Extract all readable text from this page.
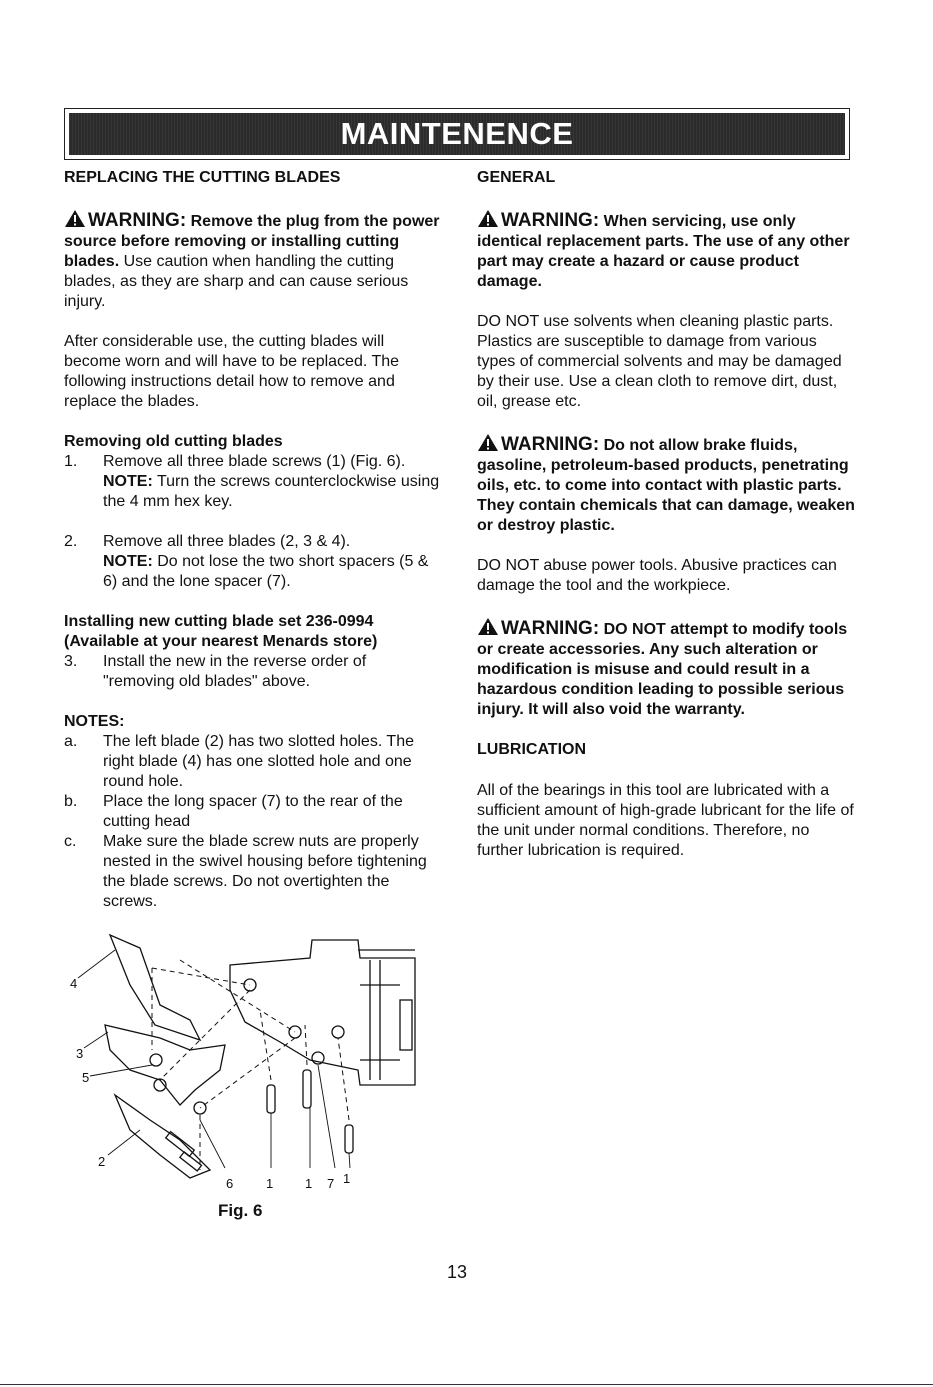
MAINTENENCE

REPLACING THE CUTTING BLADES

WARNING: Remove the plug from the power source before removing or installing cutting blades. Use caution when handling the cutting blades, as they are sharp and can cause serious injury.

After considerable use, the cutting blades will become worn and will have to be replaced. The following instructions detail how to remove and replace the blades.

Removing old cutting blades

1.	Remove all three blade screws (1) (Fig. 6).
NOTE: Turn the screws counterclockwise using the 4 mm hex key.
2.	Remove all three blades (2, 3 & 4).
NOTE: Do not lose the two short spacers (5 & 6) and the lone spacer (7).

Installing new cutting blade set 236-0994
(Available at your nearest Menards store)

3.	Install the new in the reverse order of "removing old blades" above.

NOTES:

a.	The left blade (2) has two slotted holes. The right blade (4) has one slotted hole and one round hole.
b.	Place the long spacer (7) to the rear of the cutting head
c.	Make sure the blade screw nuts are properly nested in the swivel housing before tightening the blade screws. Do not overtighten the screws.
4
3
5
2
6	1 1 7 1
Fig. 6

GENERAL

WARNING: When servicing, use only identical replacement parts. The use of any other part may create a hazard or cause product damage.

DO NOT use solvents when cleaning plastic parts. Plastics are susceptible to damage from various types of commercial solvents and may be damaged by their use. Use a clean cloth to remove dirt, dust, oil, grease etc.

WARNING: Do not allow brake fluids, gasoline, petroleum-based products, penetrating oils, etc. to come into contact with plastic parts. They contain chemicals that can damage, weaken or destroy plastic.

DO NOT abuse power tools. Abusive practices can damage the tool and the workpiece.

WARNING: DO NOT attempt to modify tools or create accessories. Any such alteration or modification is misuse and could result in a hazardous condition leading to possible serious injury. It will also void the warranty.

LUBRICATION

All of the bearings in this tool are lubricated with a sufficient amount of high-grade lubricant for the life of the unit under normal conditions. Therefore, no further lubrication is required.

13
